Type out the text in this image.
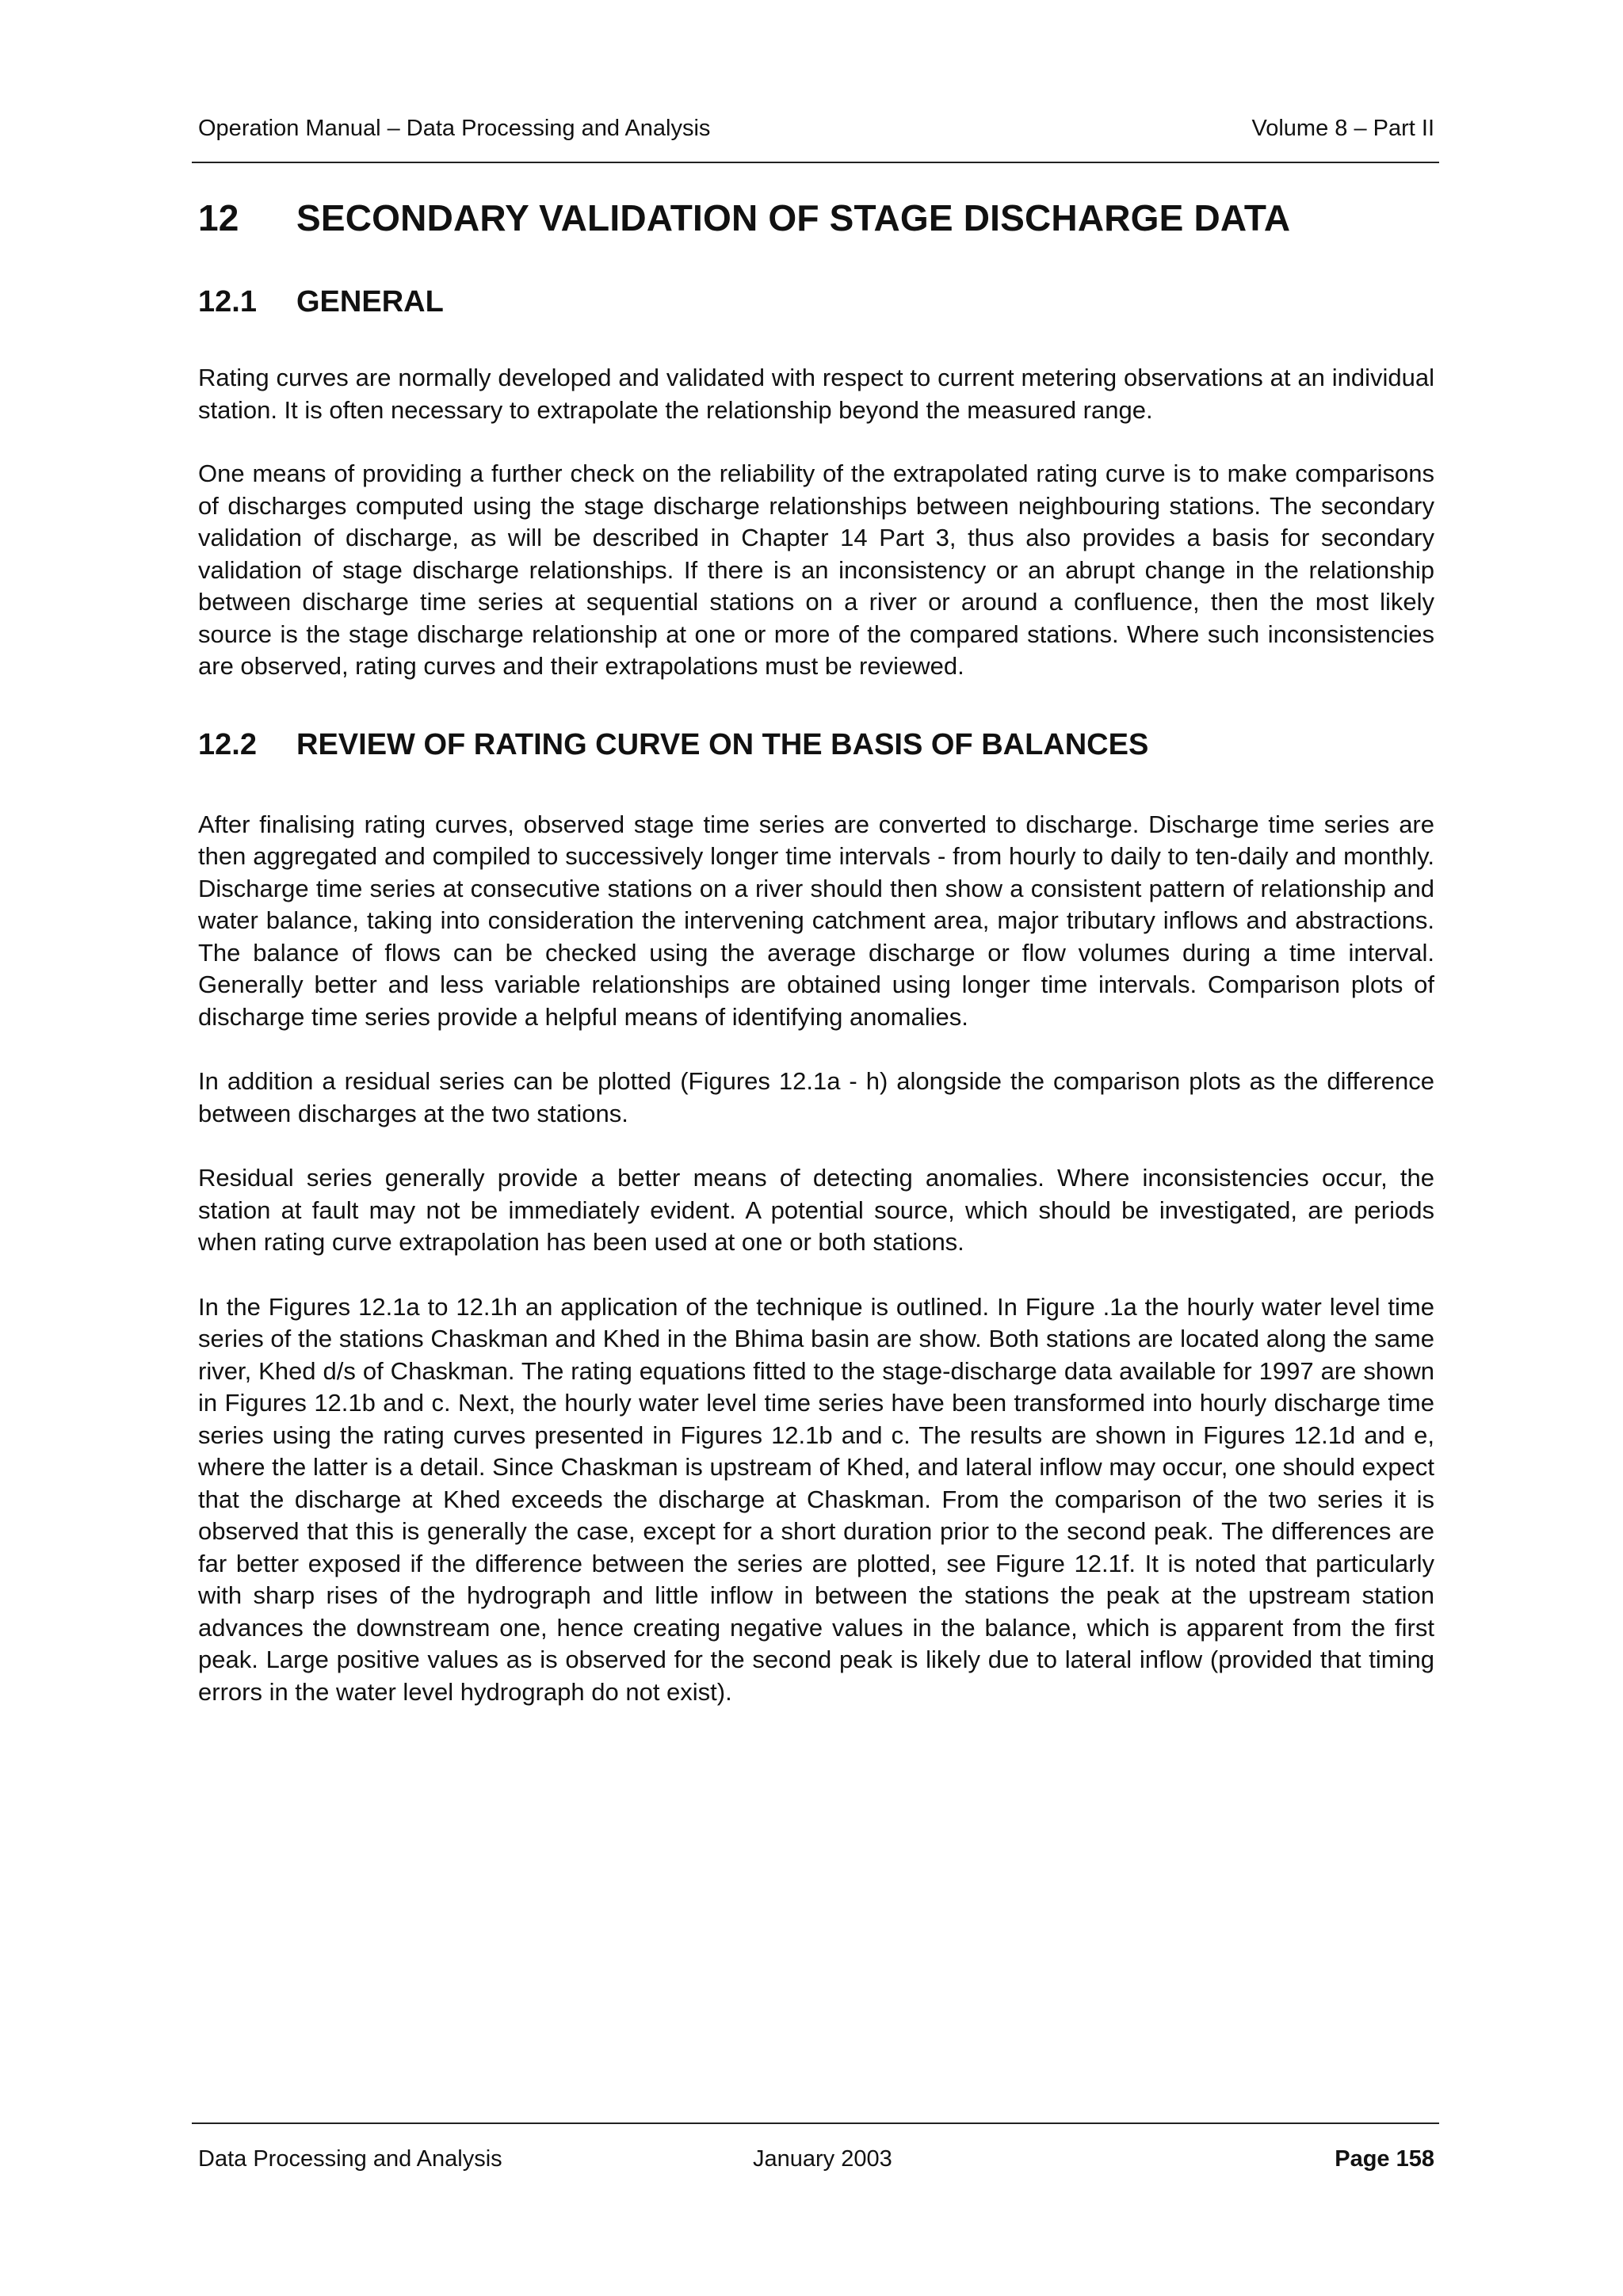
Operation Manual – Data Processing and Analysis	Volume 8 – Part II
12 SECONDARY VALIDATION OF STAGE DISCHARGE DATA
12.1 GENERAL

Rating curves are normally developed and validated with respect to current metering observations at an individual station. It is often necessary to extrapolate the relationship beyond the measured range.

One means of providing a further check on the reliability of the extrapolated rating curve is to make comparisons of discharges computed using the stage discharge relationships between neighbouring stations. The secondary validation of discharge, as will be described in Chapter 14 Part 3, thus also provides a basis for secondary validation of stage discharge relationships. If there is an inconsistency or an abrupt change in the relationship between discharge time series at sequential stations on a river or around a confluence, then the most likely source is the stage discharge relationship at one or more of the compared stations. Where such inconsistencies are observed, rating curves and their extrapolations must be reviewed.

12.2 REVIEW OF RATING CURVE ON THE BASIS OF BALANCES

After finalising rating curves, observed stage time series are converted to discharge. Discharge time series are then aggregated and compiled to successively longer time intervals - from hourly to daily to ten-daily and monthly. Discharge time series at consecutive stations on a river should then show a consistent pattern of relationship and water balance, taking into consideration the intervening catchment area, major tributary inflows and abstractions. The balance of flows can be checked using the average discharge or flow volumes during a time interval. Generally better and less variable relationships are obtained using longer time intervals. Comparison plots of discharge time series provide a helpful means of identifying anomalies.

In addition a residual series can be plotted (Figures 12.1a - h) alongside the comparison plots as the difference between discharges at the two stations.

Residual series generally provide a better means of detecting anomalies. Where inconsistencies occur, the station at fault may not be immediately evident. A potential source, which should be investigated, are periods when rating curve extrapolation has been used at one or both stations.

In the Figures 12.1a to 12.1h an application of the technique is outlined. In Figure .1a the hourly water level time series of the stations Chaskman and Khed in the Bhima basin are show. Both stations are located along the same river, Khed d/s of Chaskman. The rating equations fitted to the stage-discharge data available for 1997 are shown in Figures 12.1b and c. Next, the hourly water level time series have been transformed into hourly discharge time series using the rating curves presented in Figures 12.1b and c. The results are shown in Figures 12.1d and e, where the latter is a detail. Since Chaskman is upstream of Khed, and lateral inflow may occur, one should expect that the discharge at Khed exceeds the discharge at Chaskman. From the comparison of the two series it is observed that this is generally the case, except for a short duration prior to the second peak. The differences are far better exposed if the difference between the series are plotted, see Figure 12.1f. It is noted that particularly with sharp rises of the hydrograph and little inflow in between the stations the peak at the upstream station advances the downstream one, hence creating negative values in the balance, which is apparent from the first peak. Large positive values as is observed for the second peak is likely due to lateral inflow (provided that timing errors in the water level hydrograph do not exist).

Data Processing and Analysis	January 2003	Page 158
